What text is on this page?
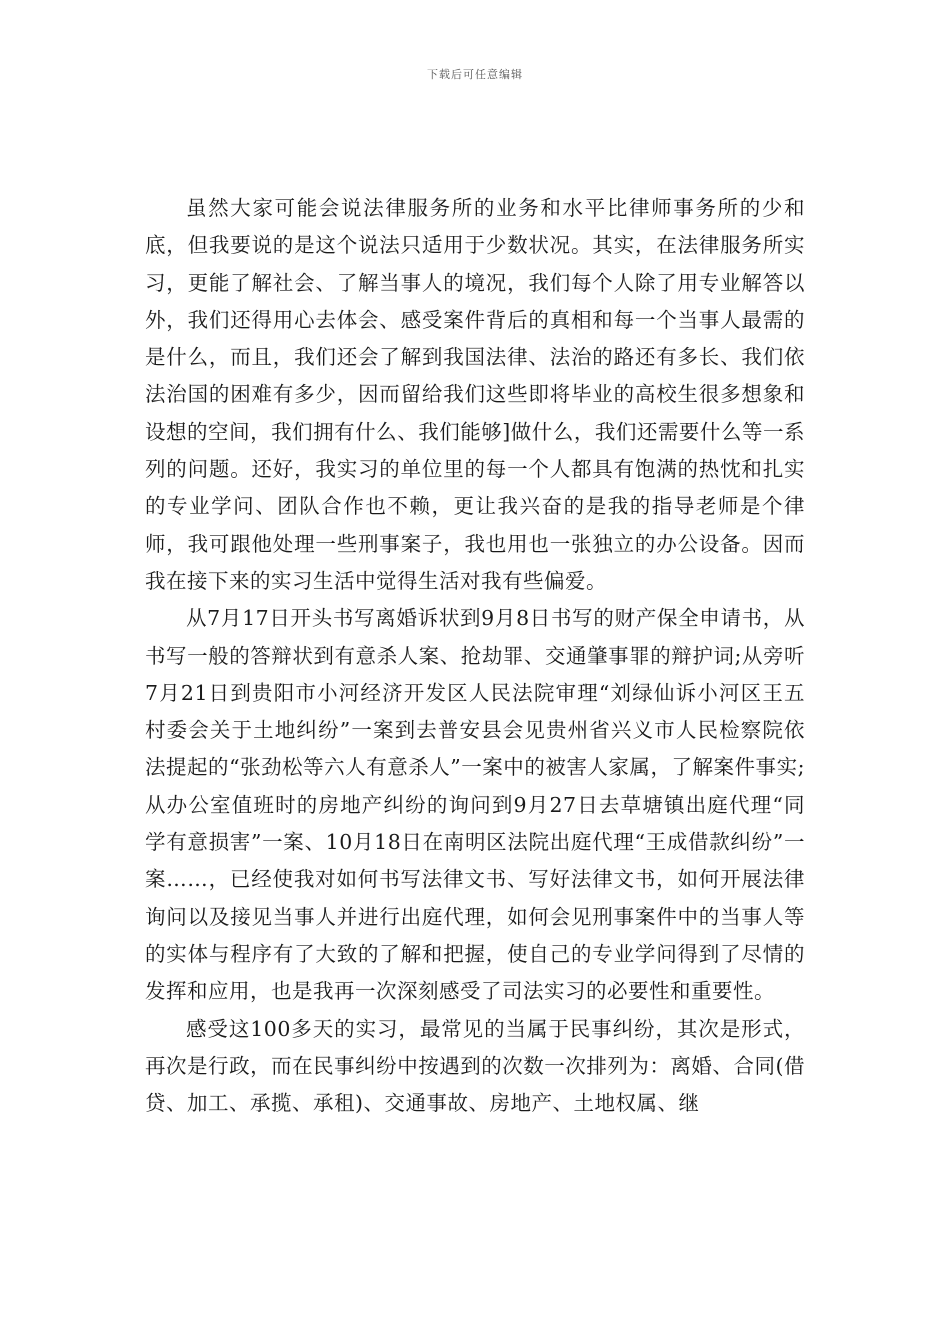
下载后可任意编辑

虽然大家可能会说法律服务所的业务和水平比律师事务所的少和底，但我要说的是这个说法只适用于少数状况。其实，在法律服务所实习，更能了解社会、了解当事人的境况，我们每个人除了用专业解答以外，我们还得用心去体会、感受案件背后的真相和每一个当事人最需的是什么，而且，我们还会了解到我国法律、法治的路还有多长、我们依法治国的困难有多少，因而留给我们这些即将毕业的高校生很多想象和设想的空间，我们拥有什么、我们能够]做什么，我们还需要什么等一系列的问题。还好，我实习的单位里的每一个人都具有饱满的热忱和扎实的专业学问、团队合作也不赖，更让我兴奋的是我的指导老师是个律师，我可跟他处理一些刑事案子，我也用也一张独立的办公设备。因而我在接下来的实习生活中觉得生活对我有些偏爱。

从7月17日开头书写离婚诉状到9月8日书写的财产保全申请书，从书写一般的答辩状到有意杀人案、抢劫罪、交通肇事罪的辩护词;从旁听7月21日到贵阳市小河经济开发区人民法院审理“刘绿仙诉小河区王五村委会关于土地纠纷”一案到去普安县会见贵州省兴义市人民检察院依法提起的“张劲松等六人有意杀人”一案中的被害人家属，了解案件事实;从办公室值班时的房地产纠纷的询问到9月27日去草塘镇出庭代理“同学有意损害”一案、10月18日在南明区法院出庭代理“王成借款纠纷”一案……，已经使我对如何书写法律文书、写好法律文书，如何开展法律询问以及接见当事人并进行出庭代理，如何会见刑事案件中的当事人等的实体与程序有了大致的了解和把握，使自己的专业学问得到了尽情的发挥和应用，也是我再一次深刻感受了司法实习的必要性和重要性。

感受这100多天的实习，最常见的当属于民事纠纷，其次是形式，再次是行政，而在民事纠纷中按遇到的次数一次排列为：离婚、合同(借贷、加工、承揽、承租)、交通事故、房地产、土地权属、继
